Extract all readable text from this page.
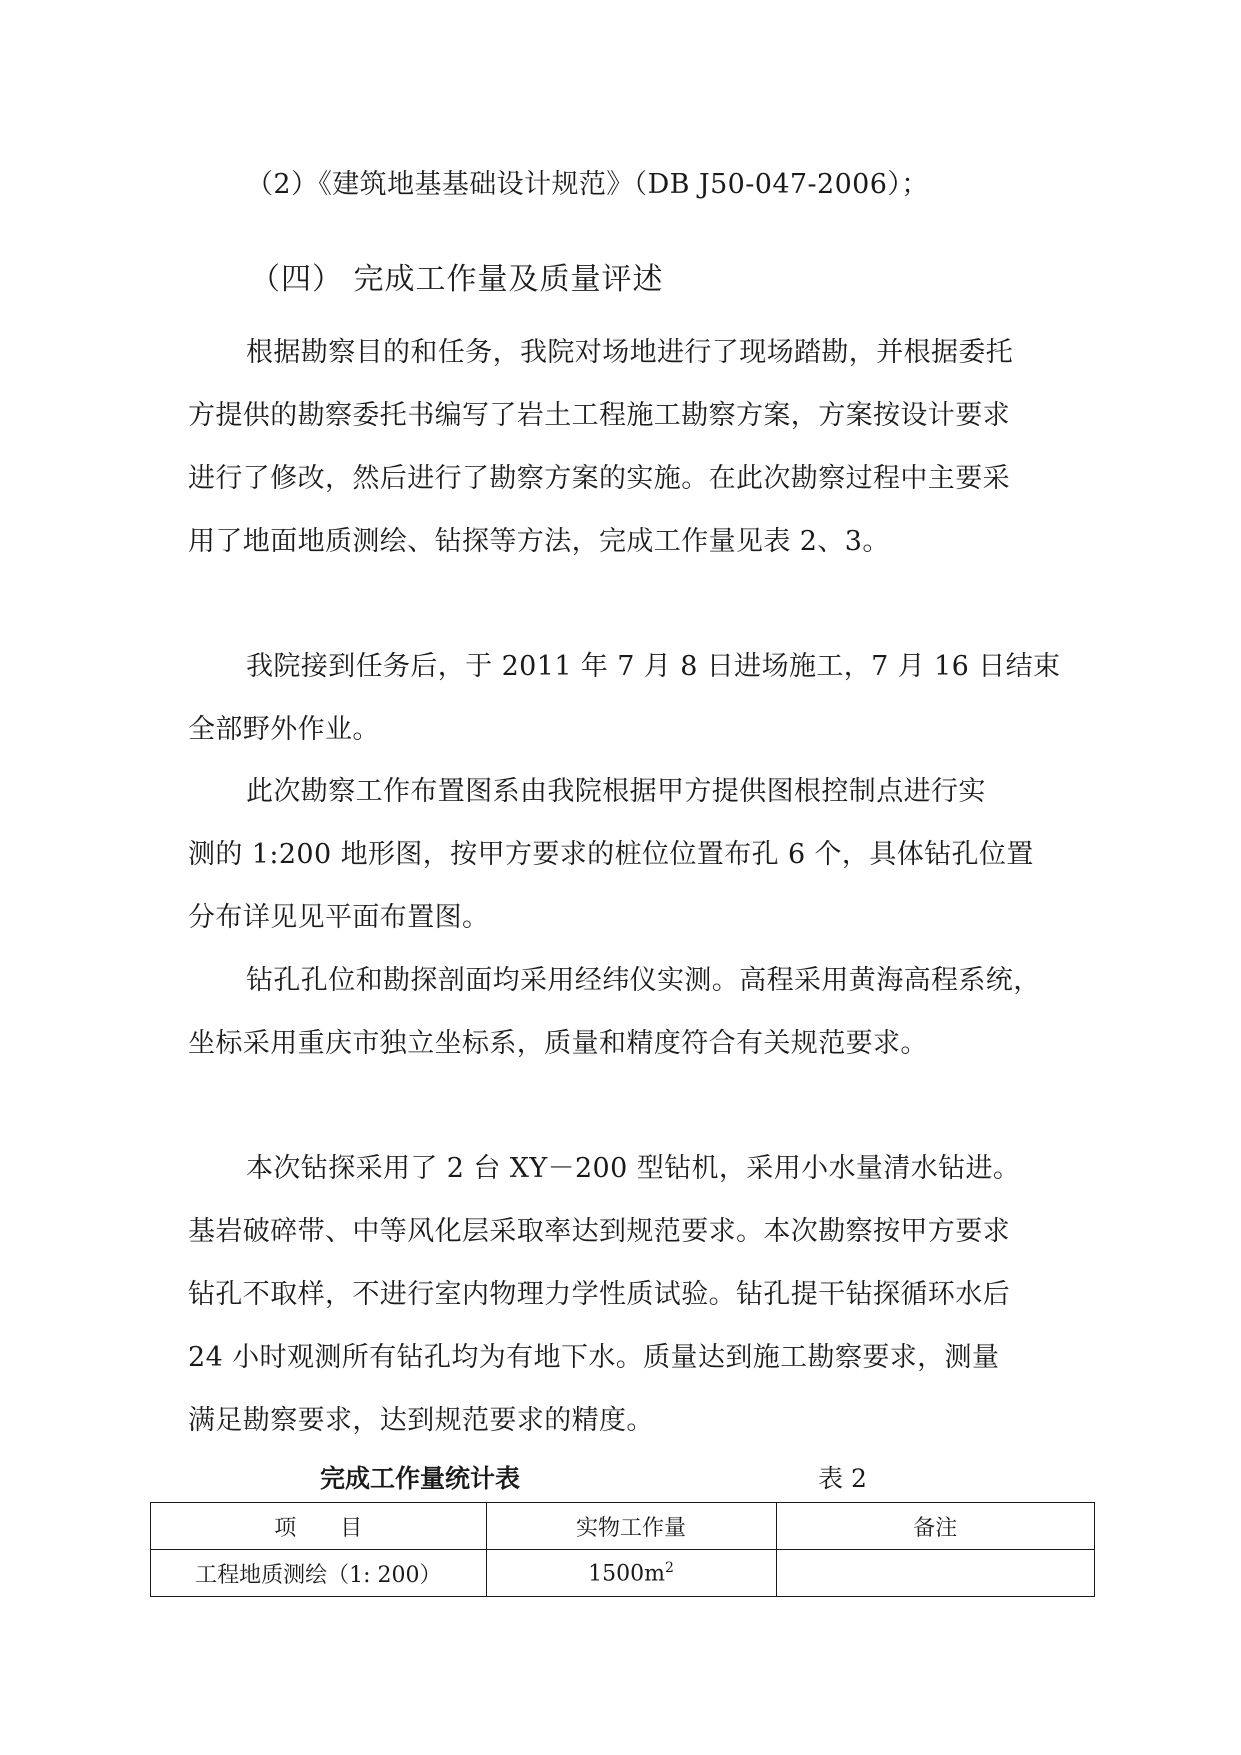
（2）《建筑地基基础设计规范》（DB J50-047-2006）；
（四） 完成工作量及质量评述
根据勘察目的和任务，我院对场地进行了现场踏勘，并根据委托
方提供的勘察委托书编写了岩土工程施工勘察方案，方案按设计要求
进行了修改，然后进行了勘察方案的实施。在此次勘察过程中主要采
用了地面地质测绘、钻探等方法，完成工作量见表 2、3。
我院接到任务后，于 2011 年 7 月 8 日进场施工，7 月 16 日结束
全部野外作业。
此次勘察工作布置图系由我院根据甲方提供图根控制点进行实
测的 1:200 地形图，按甲方要求的桩位位置布孔 6 个，具体钻孔位置
分布详见见平面布置图。
钻孔孔位和勘探剖面均采用经纬仪实测。高程采用黄海高程系统，
坐标采用重庆市独立坐标系，质量和精度符合有关规范要求。
本次钻探采用了 2 台 XY－200 型钻机，采用小水量清水钻进。
基岩破碎带、中等风化层采取率达到规范要求。本次勘察按甲方要求
钻孔不取样，不进行室内物理力学性质试验。钻孔提干钻探循环水后
24 小时观测所有钻孔均为有地下水。质量达到施工勘察要求，测量
满足勘察要求，达到规范要求的精度。
完成工作量统计表	表 2
项　　目	实物工作量	备注
工程地质测绘（1: 200）	$1500m^2$	
